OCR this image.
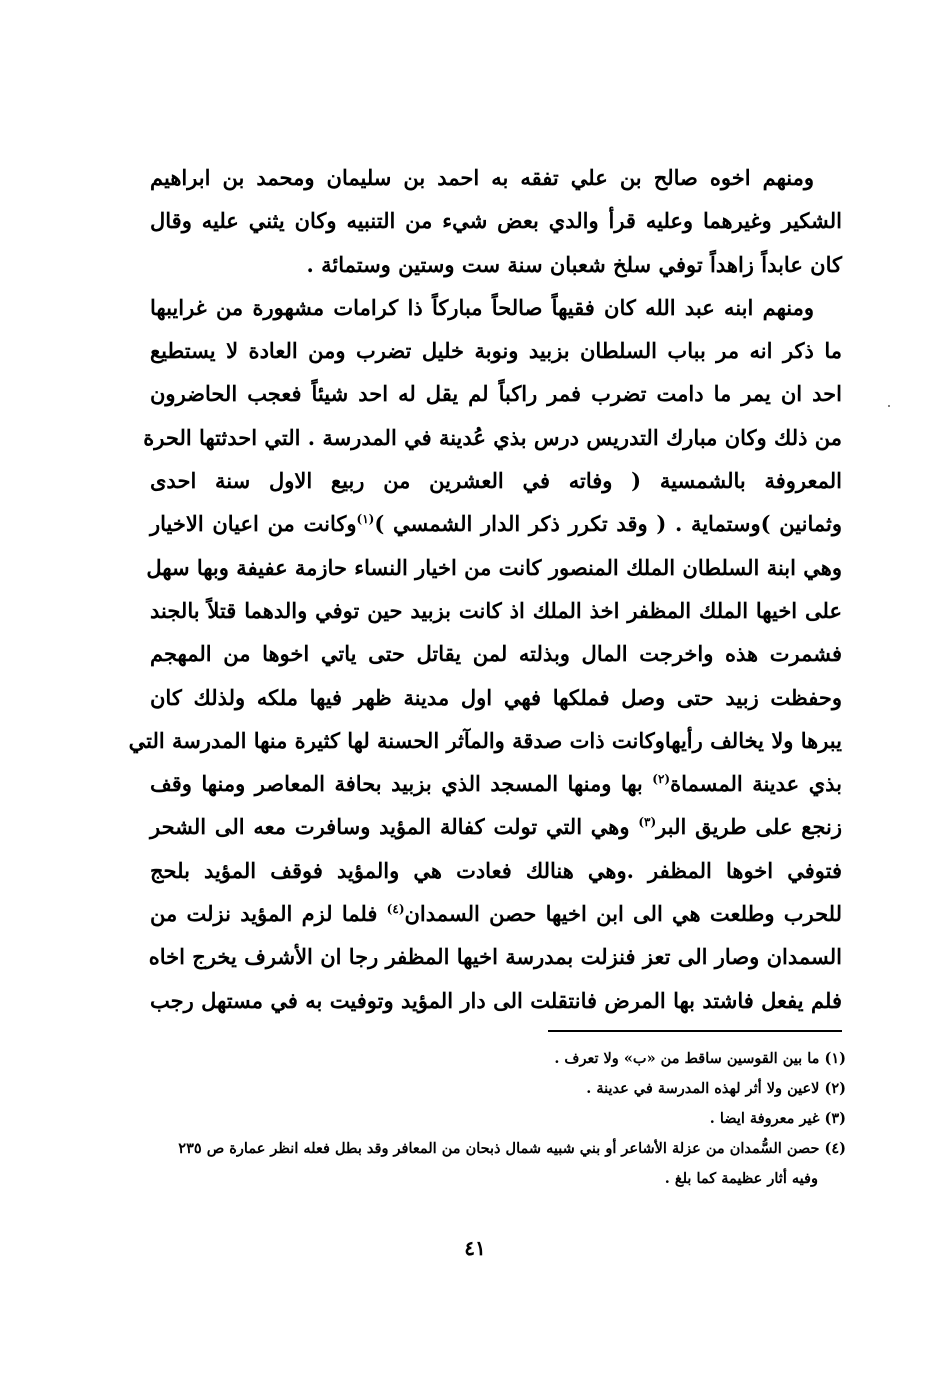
ومنهم اخوه صالح بن علي تفقه به احمد بن سليمان ومحمد بن ابراهيم
الشكير وغيرهما وعليه قرأ والدي بعض شيء من التنبيه وكان يثني عليه وقال
كان عابداً زاهداً توفي سلخ شعبان سنة ست وستين وستمائة .
ومنهم ابنه عبد الله كان فقيهاً صالحاً مباركاً ذا كرامات مشهورة من غرايبها
ما ذكر انه مر بباب السلطان بزبيد ونوبة خليل تضرب ومن العادة لا يستطيع
احد ان يمر ما دامت تضرب فمر راكباً لم يقل له احد شيئاً فعجب الحاضرون
من ذلك وكان مبارك التدريس درس بذي عُدينة في المدرسة . التي احدثتها الحرة
المعروفة بالشمسية ( وفاته في العشرين من ربيع الاول سنة احدى
وثمانين )وستماية . ( وقد تكرر ذكر الدار الشمسي )$^{(١)}$وكانت من اعيان الاخيار
وهي ابنة السلطان الملك المنصور كانت من اخيار النساء حازمة عفيفة وبها سهل
على اخيها الملك المظفر اخذ الملك اذ كانت بزبيد حين توفي والدهما قتلاً بالجند
فشمرت هذه واخرجت المال وبذلته لمن يقاتل حتى ياتي اخوها من المهجم
وحفظت زبيد حتى وصل فملكها فهي اول مدينة ظهر فيها ملكه ولذلك كان
يبرها ولا يخالف رأيهاوكانت ذات صدقة والمآثر الحسنة لها كثيرة منها المدرسة التي
بذي عدينة المسماة$^{(٢)}$ بها ومنها المسجد الذي بزبيد بحافة المعاصر ومنها وقف
زنجع على طريق البر$^{(٣)}$ وهي التي تولت كفالة المؤيد وسافرت معه الى الشحر
فتوفي اخوها المظفر .وهي هنالك فعادت هي والمؤيد فوقف المؤيد بلحج
للحرب وطلعت هي الى ابن اخيها حصن السمدان$^{(٤)}$ فلما لزم المؤيد نزلت من
السمدان وصار الى تعز فنزلت بمدرسة اخيها المظفر رجا ان الأشرف يخرج اخاه
فلم يفعل فاشتد بها المرض فانتقلت الى دار المؤيد وتوفيت به في مستهل رجب
(١) ما بين القوسين ساقط من «ب» ولا تعرف .
(٢) لاعين ولا أثر لهذه المدرسة في عدينة .
(٣) غير معروفة ايضا .
(٤) حصن السُّمدان من عزلة الأشاعر أو بني شبيه شمال ذبحان من المعافر وقد بطل فعله انظر عمارة ص ٢٣٥
وفيه أثار عظيمة كما بلغ .
٤١
